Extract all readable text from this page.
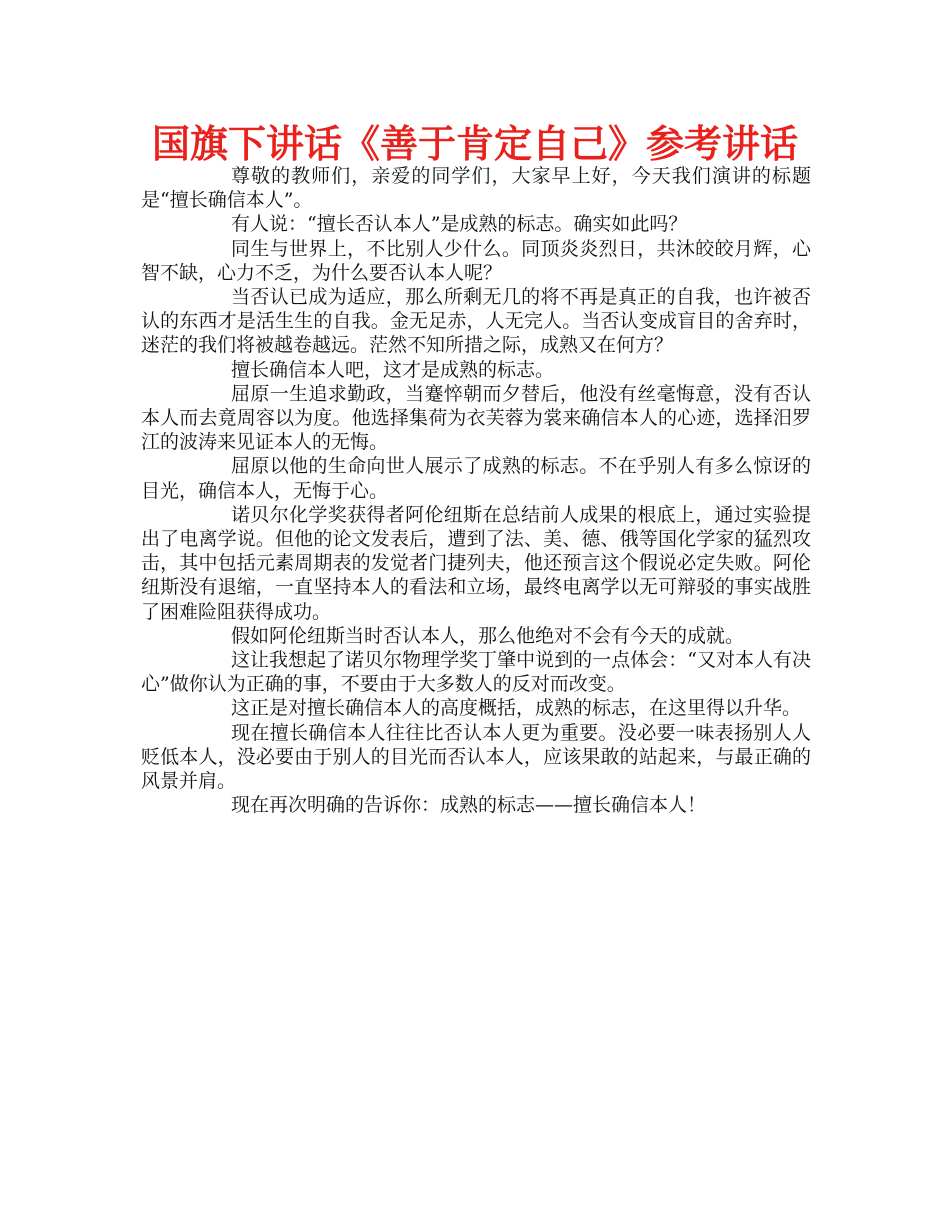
国旗下讲话《善于肯定自己》参考讲话

尊敬的教师们，亲爱的同学们，大家早上好，今天我们演讲的标题是“擅长确信本人”。

有人说：“擅长否认本人”是成熟的标志。确实如此吗？

同生与世界上，不比别人少什么。同顶炎炎烈日，共沐皎皎月辉，心智不缺，心力不乏，为什么要否认本人呢？

当否认已成为适应，那么所剩无几的将不再是真正的自我，也许被否认的东西才是活生生的自我。金无足赤，人无完人。当否认变成盲目的舍弃时，迷茫的我们将被越卷越远。茫然不知所措之际，成熟又在何方？

擅长确信本人吧，这才是成熟的标志。

屈原一生追求勤政，当蹇悴朝而夕替后，他没有丝毫悔意，没有否认本人而去竟周容以为度。他选择集荷为衣芙蓉为裳来确信本人的心迹，选择汨罗江的波涛来见证本人的无悔。

屈原以他的生命向世人展示了成熟的标志。不在乎别人有多么惊讶的目光，确信本人，无悔于心。

诺贝尔化学奖获得者阿伦纽斯在总结前人成果的根底上，通过实验提出了电离学说。但他的论文发表后，遭到了法、美、德、俄等国化学家的猛烈攻击，其中包括元素周期表的发觉者门捷列夫，他还预言这个假说必定失败。阿伦纽斯没有退缩，一直坚持本人的看法和立场，最终电离学以无可辩驳的事实战胜了困难险阻获得成功。

假如阿伦纽斯当时否认本人，那么他绝对不会有今天的成就。

这让我想起了诺贝尔物理学奖丁肇中说到的一点体会：“又对本人有决心”做你认为正确的事，不要由于大多数人的反对而改变。

这正是对擅长确信本人的高度概括，成熟的标志，在这里得以升华。

现在擅长确信本人往往比否认本人更为重要。没必要一味表扬别人人贬低本人，没必要由于别人的目光而否认本人，应该果敢的站起来，与最正确的风景并肩。

现在再次明确的告诉你：成熟的标志——擅长确信本人！
